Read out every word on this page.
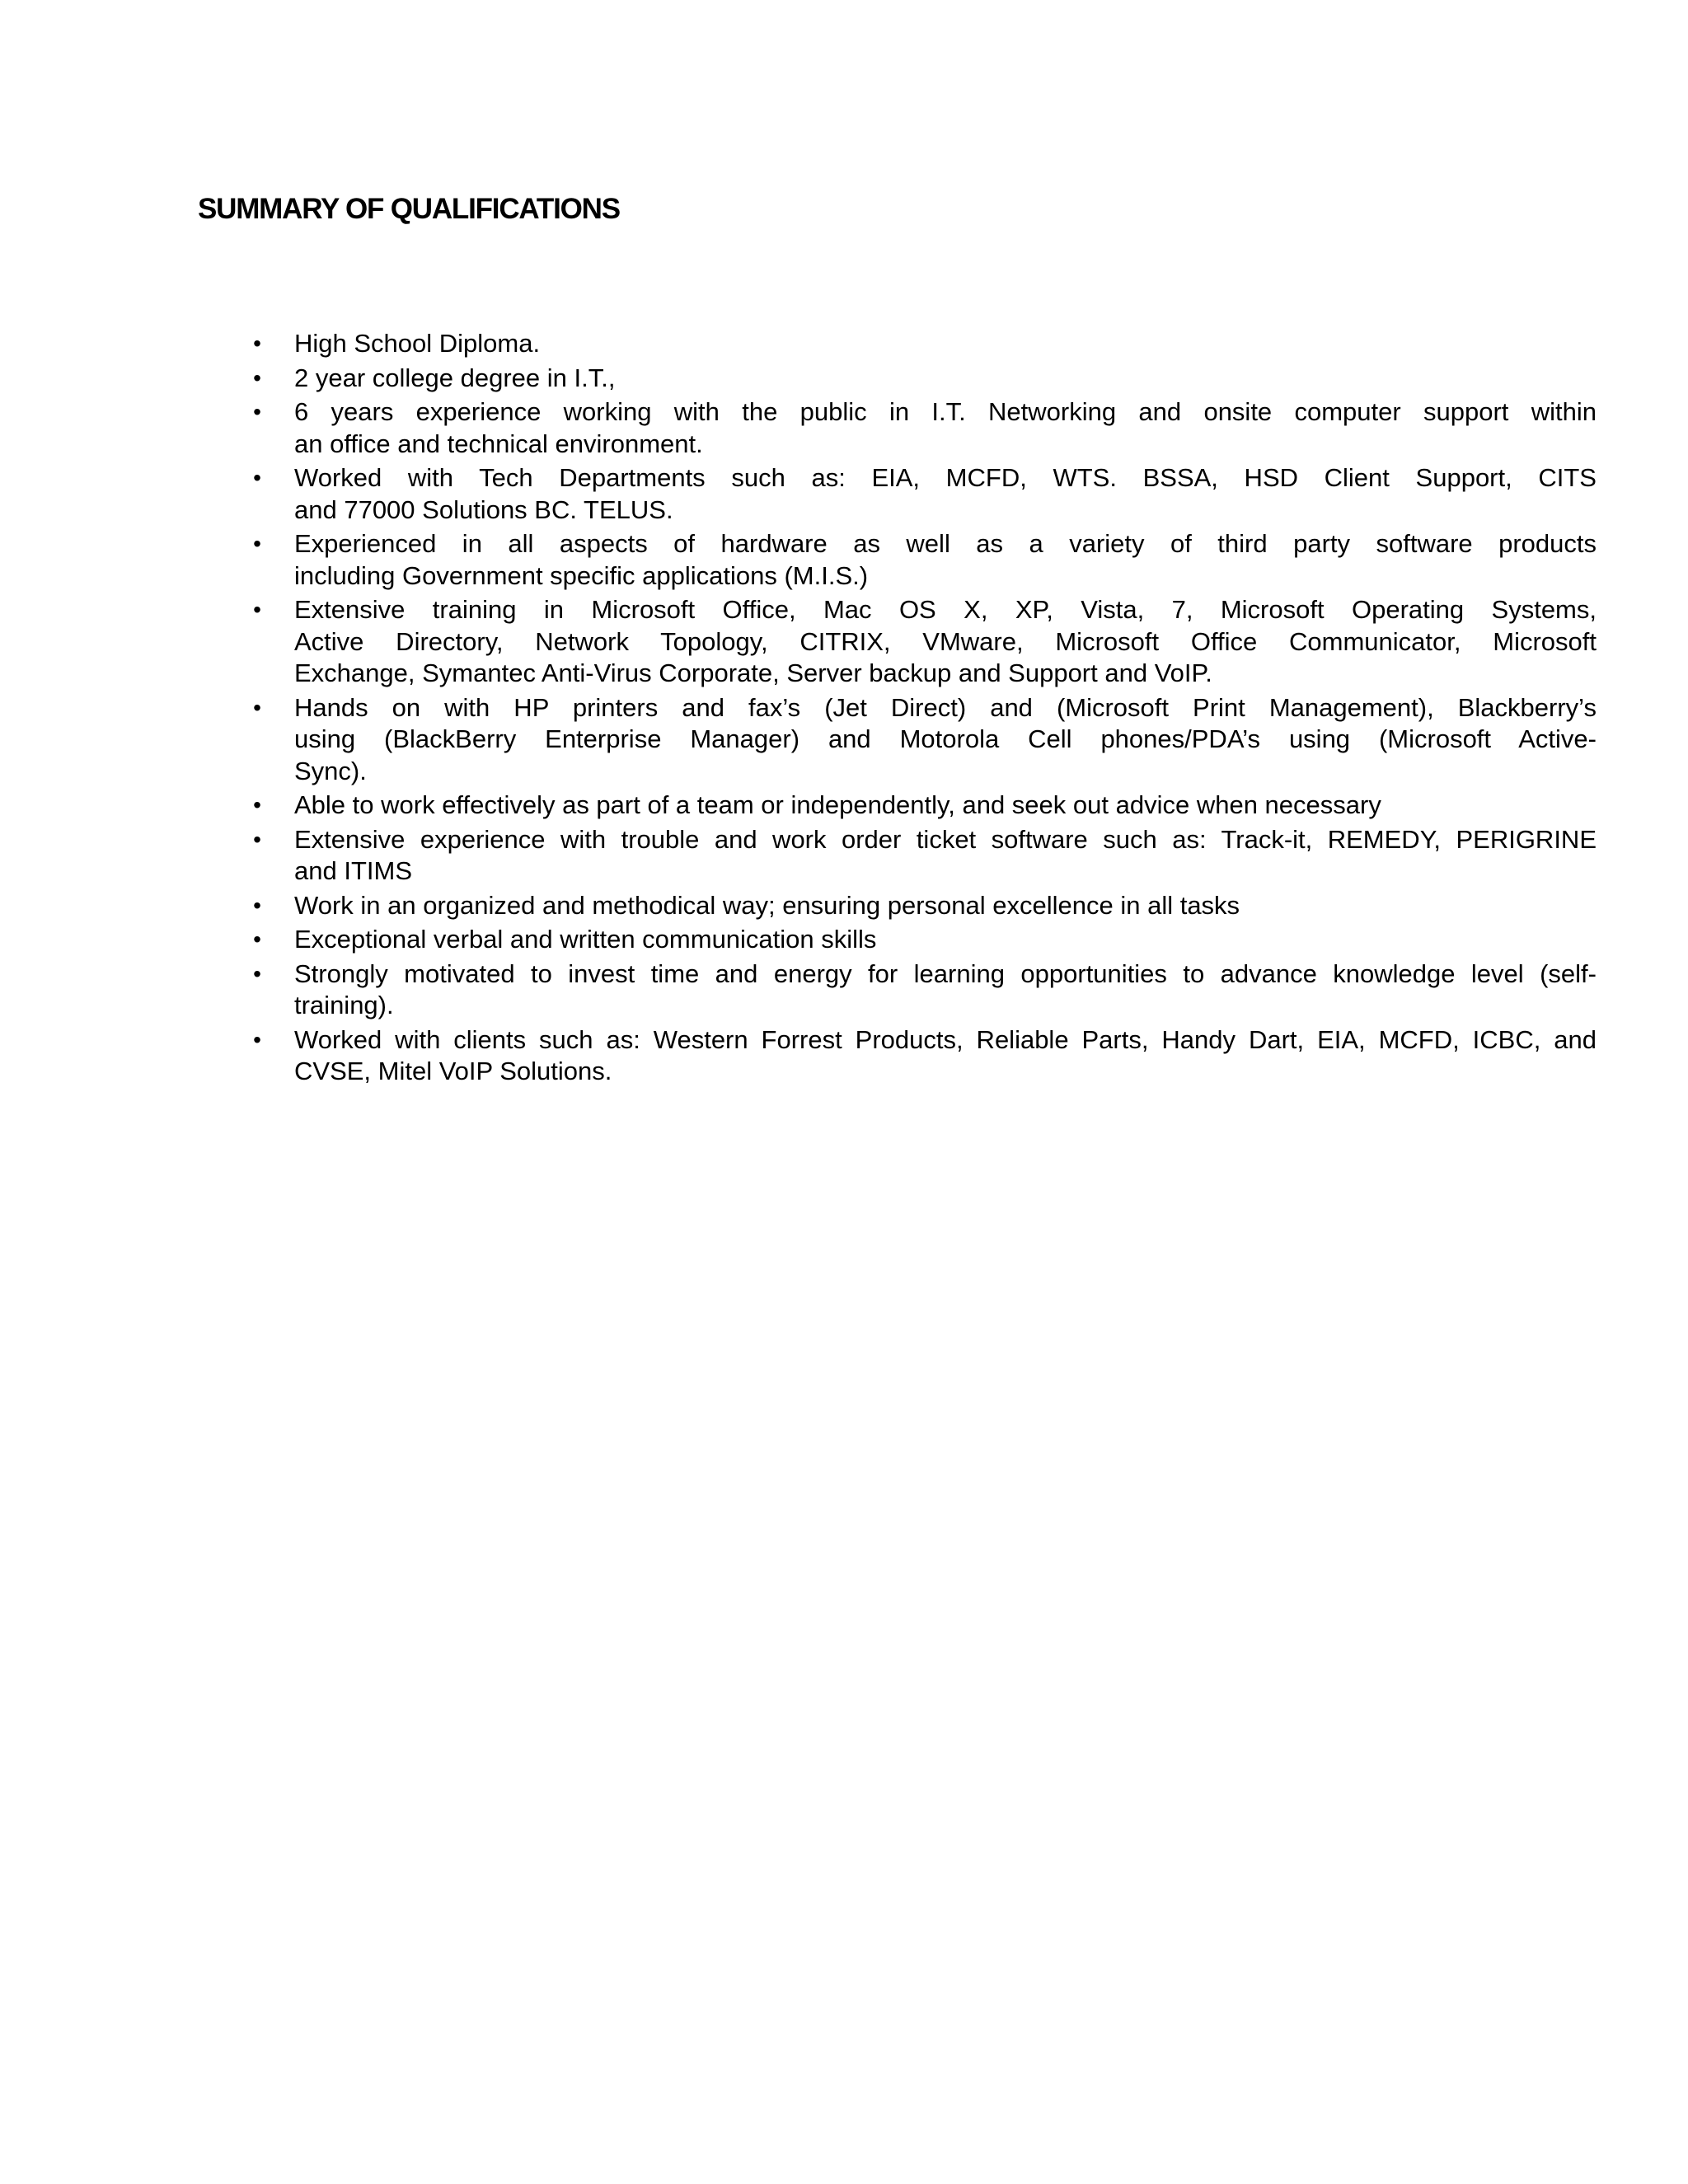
SUMMARY OF QUALIFICATIONS
• High School Diploma.
• 2 year college degree in I.T.,
• 6 years experience working with the public in I.T. Networking and onsite computer support within
an office and technical environment.
• Worked with Tech Departments such as: EIA, MCFD, WTS. BSSA, HSD Client Support, CITS
and 77000 Solutions BC. TELUS.
• Experienced in all aspects of hardware as well as a variety of third party software products
including Government specific applications (M.I.S.)
• Extensive training in Microsoft Office, Mac OS X, XP, Vista, 7, Microsoft Operating Systems,
Active Directory, Network Topology, CITRIX, VMware, Microsoft Office Communicator, Microsoft
Exchange, Symantec Anti-Virus Corporate, Server backup and Support and VoIP.
• Hands on with HP printers and fax’s (Jet Direct) and (Microsoft Print Management), Blackberry’s
using (BlackBerry Enterprise Manager) and Motorola Cell phones/PDA’s using (Microsoft Active-
Sync).
• Able to work effectively as part of a team or independently, and seek out advice when necessary
• Extensive experience with trouble and work order ticket software such as: Track-it, REMEDY, PERIGRINE
and ITIMS
• Work in an organized and methodical way; ensuring personal excellence in all tasks
• Exceptional verbal and written communication skills
• Strongly motivated to invest time and energy for learning opportunities to advance knowledge level (self-
training).
• Worked with clients such as: Western Forrest Products, Reliable Parts, Handy Dart, EIA, MCFD, ICBC, and
CVSE, Mitel VoIP Solutions.
